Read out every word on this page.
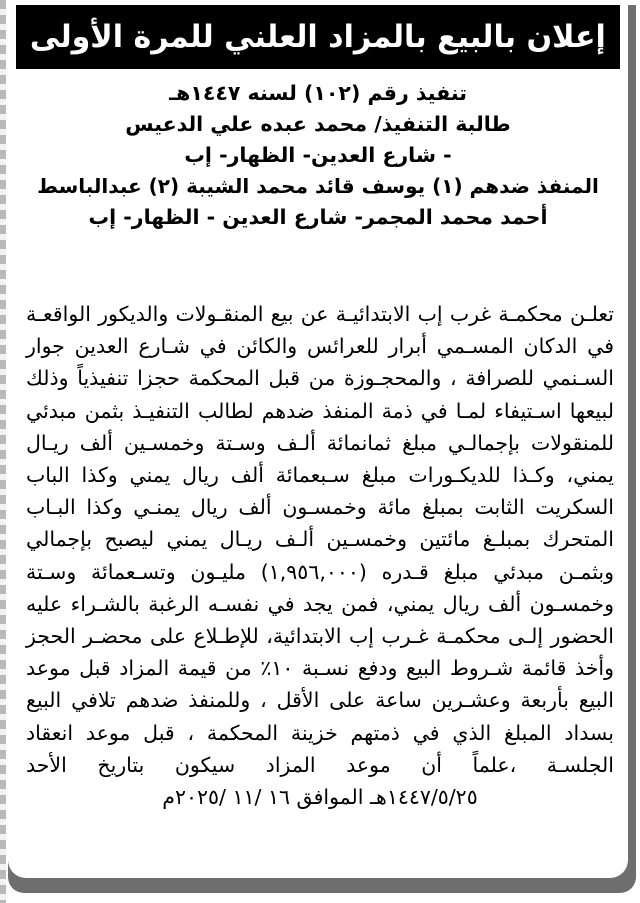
إعلان بالبيع بالمزاد العلني للمرة الأولى
تنفيذ رقم (١٠٢) لسنه ١٤٤٧هـ
طالبة التنفيذ/ محمد عبده علي الدعيس
- شارع العدين- الظهار- إب
المنفذ ضدهم (١) يوسف قائد محمد الشيبة (٢) عبدالباسط
أحمد محمد المجمر- شارع العدين - الظهار- إب
تعلـن محكمـة غرب إب الابتدائيـة عن بيع المنقـولات والديكور الواقعـة في الدكان المسـمي أبرار للعرائس والكائن في شـارع العدين جوار السـنمي للصرافة ، والمحجـوزة من قبل المحكمة حجزا تنفيذياً وذلك لبيعها اسـتيفاء لمـا في ذمة المنفذ ضدهم لطالب التنفيـذ بثمن مبدئي للمنقولات بإجمالـي مبلغ ثمانمائة ألـف وسـتة وخمسـين ألف ريـال يمني، وكـذا للديكـورات مبلغ سـبعمائة ألف ريال يمني وكذا الباب السكريت الثابت بمبلغ مائة وخمسـون ألف ريال يمنـي وكذا البـاب المتحرك بمبلـغ مائتين وخمسـين ألـف ريـال يمني ليصبح بإجمالي وبثمـن مبدئي مبلغ قـدره (١,٩٥٦,٠٠٠) مليـون وتسـعمائة وسـتة وخمسـون ألف ريال يمني، فمن يجد في نفسـه الرغبة بالشـراء عليه الحضور إلـى محكمـة غـرب إب الابتدائية، للإطـلاع على محضـر الحجز وأخذ قائمة شـروط البيع ودفع نسـبة ١٠٪ من قيمة المزاد قبل موعد البيع بأربعة وعشـرين ساعة على الأقل ، وللمنفذ ضدهم تلافي البيع بسداد المبلغ الذي في ذمتهم خزينة المحكمة ، قبل موعد انعقاد الجلسـة ،علماً أن موعد المزاد سيكون بتاريخ الأحد
١٤٤٧/٥/٢٥هـ الموافق ١٦ /١١ /٢٠٢٥م
